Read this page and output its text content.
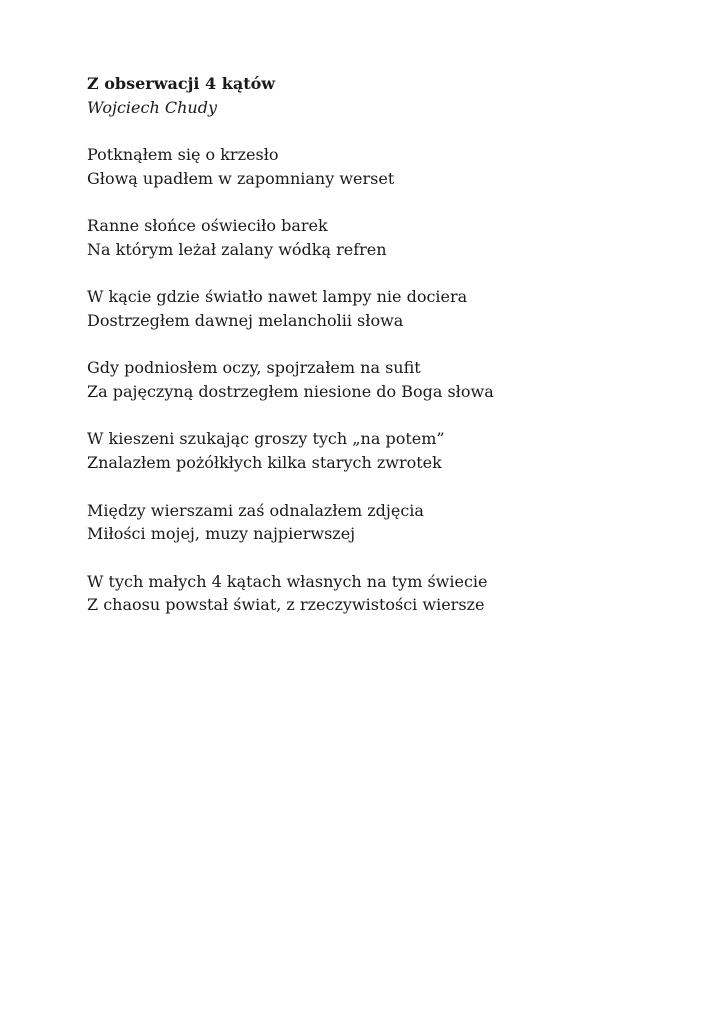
Z obserwacji 4 kątów
Wojciech Chudy
Potknąłem się o krzesło
Głową upadłem w zapomniany werset
Ranne słońce oświeciło barek
Na którym leżał zalany wódką refren
W kącie gdzie światło nawet lampy nie dociera
Dostrzegłem dawnej melancholii słowa
Gdy podniosłem oczy, spojrzałem na sufit
Za pajęczyną dostrzegłem niesione do Boga słowa
W kieszeni szukając groszy tych „na potem”
Znalazłem pożółkłych kilka starych zwrotek
Między wierszami zaś odnalazłem zdjęcia
Miłości mojej, muzy najpierwszej
W tych małych 4 kątach własnych na tym świecie
Z chaosu powstał świat, z rzeczywistości wiersze
